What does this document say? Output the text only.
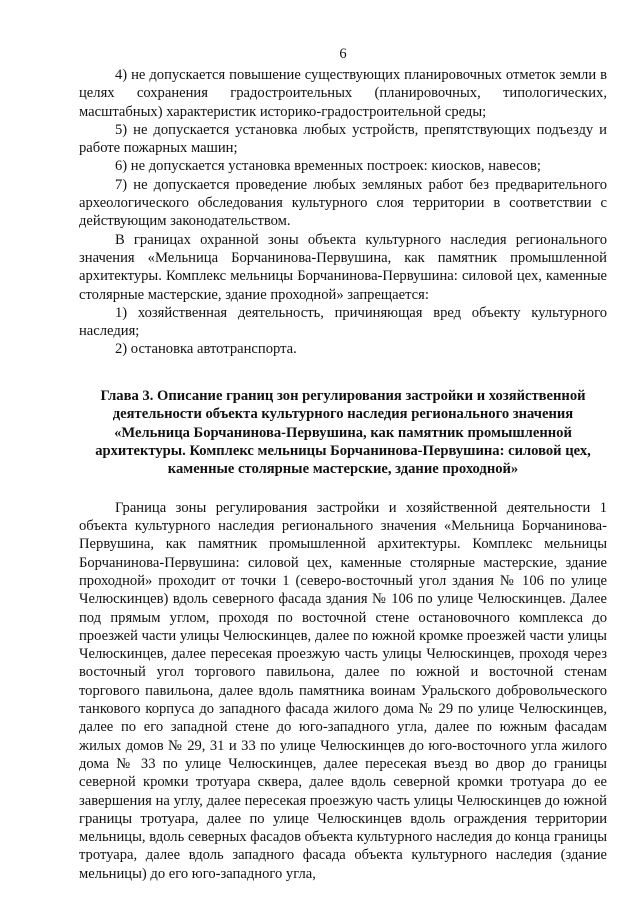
6

4) не допускается повышение существующих планировочных отметок земли в целях сохранения градостроительных (планировочных, типологических, масштабных) характеристик историко-градостроительной среды;

5) не допускается установка любых устройств, препятствующих подъезду и работе пожарных машин;

6) не допускается установка временных построек: киосков, навесов;

7) не допускается проведение любых земляных работ без предварительного археологического обследования культурного слоя территории в соответствии с действующим законодательством.

В границах охранной зоны объекта культурного наследия регионального значения «Мельница Борчанинова-Первушина, как памятник промышленной архитектуры. Комплекс мельницы Борчанинова-Первушина: силовой цех, каменные столярные мастерские, здание проходной» запрещается:

1) хозяйственная деятельность, причиняющая вред объекту культурного наследия;

2) остановка автотранспорта.

Глава 3. Описание границ зон регулирования застройки и хозяйственной
деятельности объекта культурного наследия регионального значения
«Мельница Борчанинова-Первушина, как памятник промышленной
архитектуры. Комплекс мельницы Борчанинова-Первушина: силовой цех,
каменные столярные мастерские, здание проходной»

Граница зоны регулирования застройки и хозяйственной деятельности 1 объекта культурного наследия регионального значения «Мельница Борчанинова-Первушина, как памятник промышленной архитектуры. Комплекс мельницы Борчанинова-Первушина: силовой цех, каменные столярные мастерские, здание проходной» проходит от точки 1 (северо-восточный угол здания № 106 по улице Челюскинцев) вдоль северного фасада здания № 106 по улице Челюскинцев. Далее под прямым углом, проходя по восточной стене остановочного комплекса до проезжей части улицы Челюскинцев, далее по южной кромке проезжей части улицы Челюскинцев, далее пересекая проезжую часть улицы Челюскинцев, проходя через восточный угол торгового павильона, далее по южной и восточной стенам торгового павильона, далее вдоль памятника воинам Уральского добровольческого танкового корпуса до западного фасада жилого дома № 29 по улице Челюскинцев, далее по его западной стене до юго-западного угла, далее по южным фасадам жилых домов № 29, 31 и 33 по улице Челюскинцев до юго-восточного угла жилого дома № 33 по улице Челюскинцев, далее пересекая въезд во двор до границы северной кромки тротуара сквера, далее вдоль северной кромки тротуара до ее завершения на углу, далее пересекая проезжую часть улицы Челюскинцев до южной границы тротуара, далее по улице Челюскинцев вдоль ограждения территории мельницы, вдоль северных фасадов объекта культурного наследия до конца границы тротуара, далее вдоль западного фасада объекта культурного наследия (здание мельницы) до его юго-западного угла,
